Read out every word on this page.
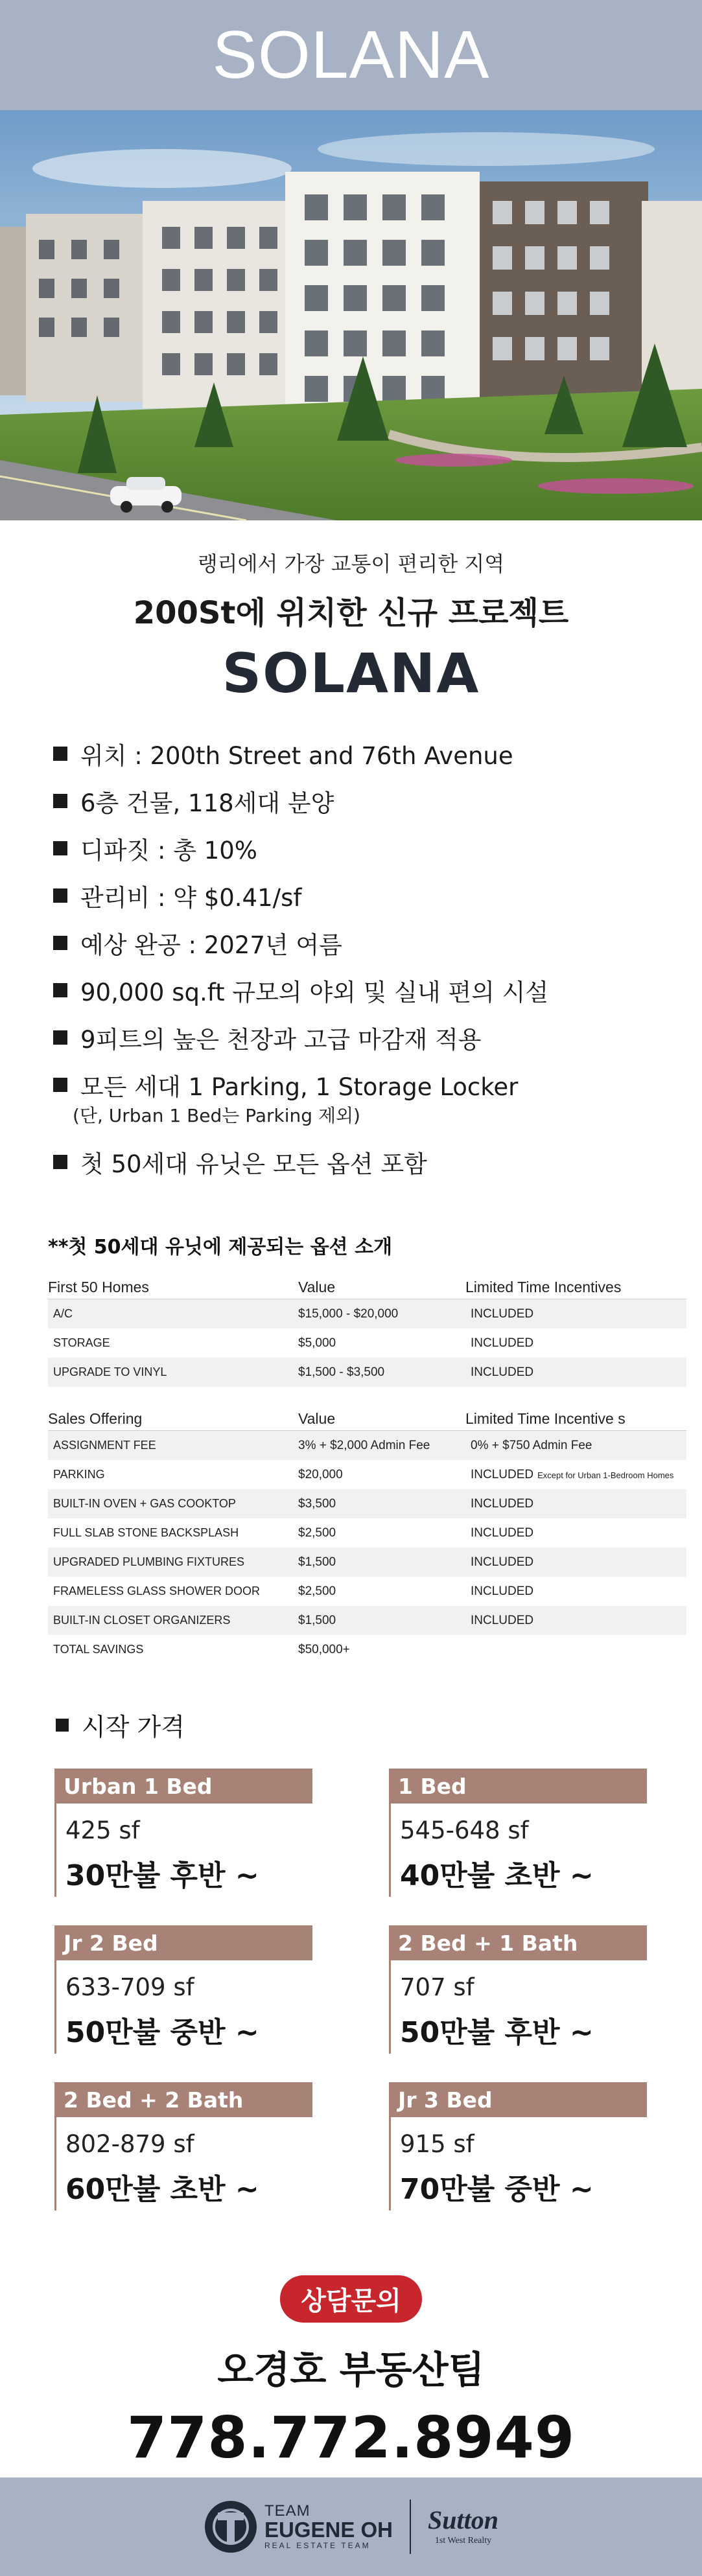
SOLANA
랭리에서 가장 교통이 편리한 지역
200St에 위치한 신규 프로젝트
SOLANA
위치 : 200th Street and 76th Avenue
6층 건물, 118세대 분양
디파짓 : 총 10%
관리비 : 약 $0.41/sf
예상 완공 : 2027년 여름
90,000 sq.ft 규모의 야외 및 실내 편의 시설
9피트의 높은 천장과 고급 마감재 적용
모든 세대 1 Parking, 1 Storage Locker
(단, Urban 1 Bed는 Parking 제외)
첫 50세대 유닛은 모든 옵션 포함
**첫 50세대 유닛에 제공되는 옵션 소개
First 50 Homes	Value	Limited Time Incentives
A/C	$15,000 - $20,000	INCLUDED
STORAGE	$5,000	INCLUDED
UPGRADE TO VINYL	$1,500 - $3,500	INCLUDED
Sales Offering	Value	Limited Time Incentive s
ASSIGNMENT FEE	3% + $2,000 Admin Fee	0% + $750 Admin Fee
PARKING	$20,000	INCLUDED Except for Urban 1-Bedroom Homes
BUILT-IN OVEN + GAS COOKTOP	$3,500	INCLUDED
FULL SLAB STONE BACKSPLASH	$2,500	INCLUDED
UPGRADED PLUMBING FIXTURES	$1,500	INCLUDED
FRAMELESS GLASS SHOWER DOOR	$2,500	INCLUDED
BUILT-IN CLOSET ORGANIZERS	$1,500	INCLUDED
TOTAL SAVINGS	$50,000+
시작 가격
Urban 1 Bed
425 sf
30만불 후반 ~
1 Bed
545-648 sf
40만불 초반 ~
Jr 2 Bed
633-709 sf
50만불 중반 ~
2 Bed + 1 Bath
707 sf
50만불 후반 ~
2 Bed + 2 Bath
802-879 sf
60만불 초반 ~
Jr 3 Bed
915 sf
70만불 중반 ~
상담문의
오경호 부동산팀
778.772.8949
TEAM
EUGENE OH
REAL ESTATE TEAM
Sutton
1st West Realty
